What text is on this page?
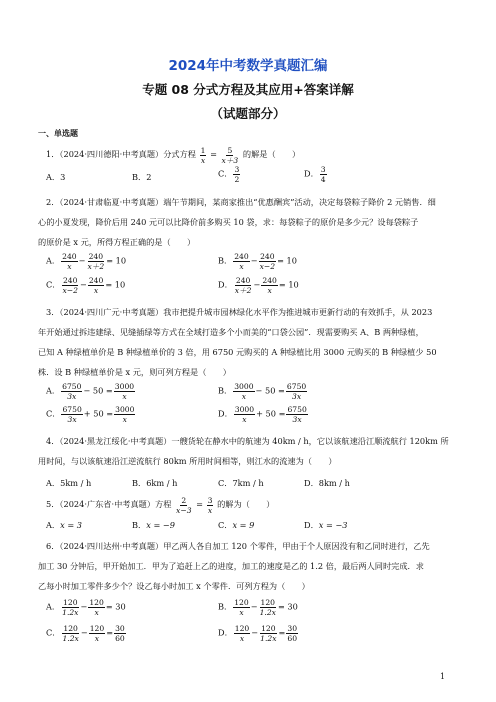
2024年中考数学真题汇编
专题 08 分式方程及其应用+答案详解
（试题部分）
一、单选题
1．（2024·四川德阳·中考真题）分式方程 $\frac{1}{x} = \frac{5}{x+3}$ 的解是（　　）
A．3	B．2	C． $\frac{3}{2}$	D． $\frac{3}{4}$
2．（2024·甘肃临夏·中考真题）端午节期间，某商家推出“优惠酬宾”活动，决定每袋粽子降价 2 元销售．细
心的小夏发现，降价后用 240 元可以比降价前多购买 10 袋，求：每袋粽子的原价是多少元？设每袋粽子
的原价是 x 元，所得方程正确的是（　　）
A． $\frac{240}{x} - \frac{240}{x+2} = 10$	B． $\frac{240}{x} - \frac{240}{x-2} = 10$
C． $\frac{240}{x-2} - \frac{240}{x} = 10$	D． $\frac{240}{x+2} - \frac{240}{x} = 10$
3．（2024·四川广元·中考真题）我市把提升城市园林绿化水平作为推进城市更新行动的有效抓手，从 2023
年开始通过拆违建绿、见缝插绿等方式在全域打造多个小而美的“口袋公园”．现需要购买 A、B 两种绿植，
已知 A 种绿植单价是 B 种绿植单价的 3 倍，用 6750 元购买的 A 种绿植比用 3000 元购买的 B 种绿植少 50
株．设 B 种绿植单价是 x 元，则可列方程是（　　）
A． $\frac{6750}{3x} - 50 = \frac{3000}{x}$	B． $\frac{3000}{x} - 50 = \frac{6750}{3x}$
C． $\frac{6750}{3x} + 50 = \frac{3000}{x}$	D． $\frac{3000}{x} + 50 = \frac{6750}{3x}$
4．（2024·黑龙江绥化·中考真题）一艘货轮在静水中的航速为 40km / h，它以该航速沿江顺流航行 120km 所
用时间，与以该航速沿江逆流航行 80km 所用时间相等，则江水的流速为（　　）
A．5km / h	B．6km / h	C．7km / h	D．8km / h
5．（2024·广东省·中考真题）方程 $\frac{2}{x-3} = \frac{3}{x}$ 的解为（　　）
A．x = 3	B．x = −9	C．x = 9	D．x = −3
6．（2024·四川达州·中考真题）甲乙两人各自加工 120 个零件，甲由于个人原因没有和乙同时进行，乙先
加工 30 分钟后，甲开始加工．甲为了追赶上乙的进度，加工的速度是乙的 1.2 倍，最后两人同时完成．求
乙每小时加工零件多少个？设乙每小时加工 x 个零件．可列方程为（　　）
A． $\frac{120}{1.2x} - \frac{120}{x} = 30$	B． $\frac{120}{x} - \frac{120}{1.2x} = 30$
C． $\frac{120}{1.2x} - \frac{120}{x} = \frac{30}{60}$	D． $\frac{120}{x} - \frac{120}{1.2x} = \frac{30}{60}$
1
